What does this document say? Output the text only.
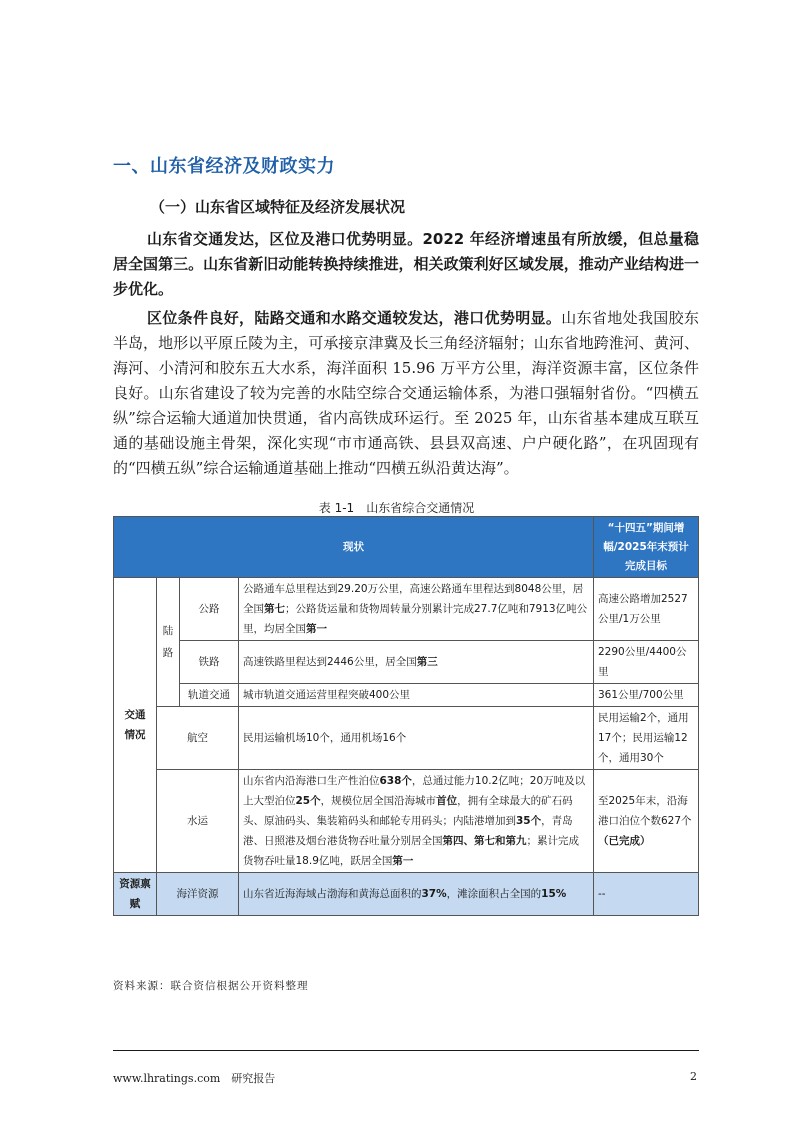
一、山东省经济及财政实力
（一）山东省区域特征及经济发展状况
山东省交通发达，区位及港口优势明显。2022 年经济增速虽有所放缓，但总量稳居全国第三。山东省新旧动能转换持续推进，相关政策利好区域发展，推动产业结构进一步优化。
区位条件良好，陆路交通和水路交通较发达，港口优势明显。山东省地处我国胶东半岛，地形以平原丘陵为主，可承接京津冀及长三角经济辐射；山东省地跨淮河、黄河、海河、小清河和胶东五大水系，海洋面积 15.96 万平方公里，海洋资源丰富，区位条件良好。山东省建设了较为完善的水陆空综合交通运输体系，为港口强辐射省份。“四横五纵”综合运输大通道加快贯通，省内高铁成环运行。至 2025 年，山东省基本建成互联互通的基础设施主骨架，深化实现“市市通高铁、县县双高速、户户硬化路”，在巩固现有的“四横五纵”综合运输通道基础上推动“四横五纵沿黄达海”。
表 1-1　山东省综合交通情况
现状				“十四五”期间增幅/2025年末预计完成目标

交通情况	陆路	公路	公路通车总里程达到29.20万公里，高速公路通车里程达到8048公里，居全国第七；公路货运量和货物周转量分别累计完成27.7亿吨和7913亿吨公里，均居全国第一	高速公路增加2527公里/1万公里
		铁路	高速铁路里程达到2446公里，居全国第三	2290公里/4400公里
		轨道交通	城市轨道交通运营里程突破400公里	361公里/700公里
	航空		民用运输机场10个，通用机场16个	民用运输2个，通用17个；民用运输12个，通用30个
	水运		山东省内沿海港口生产性泊位638个，总通过能力10.2亿吨；20万吨及以上大型泊位25个，规模位居全国沿海城市首位，拥有全球最大的矿石码头、原油码头、集装箱码头和邮轮专用码头；内陆港增加到35个，青岛港、日照港及烟台港货物吞吐量分别居全国第四、第七和第九；累计完成货物吞吐量18.9亿吨，跃居全国第一	至2025年末，沿海港口泊位个数627个（已完成）

资源禀赋	海洋资源		山东省近海海域占渤海和黄海总面积的37%，滩涂面积占全国的15%	--
资料来源：联合资信根据公开资料整理
www.lhratings.com　 研究报告	2
